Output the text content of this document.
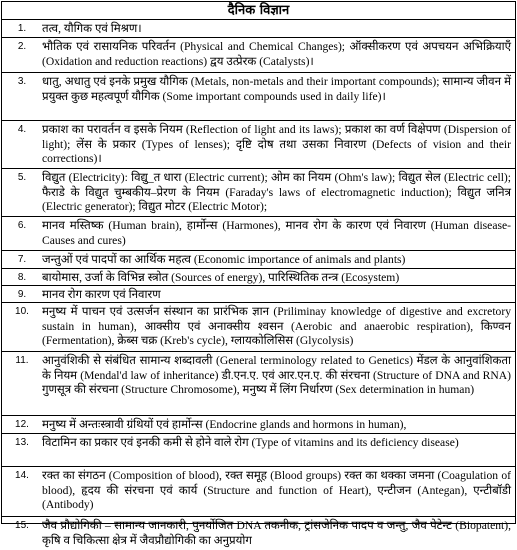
दैनिक विज्ञान
1.	तत्व, यौगिक एवं मिश्रण।
2.	भौतिक एवं रासायनिक परिवर्तन (Physical and Chemical Changes); ऑक्सीकरण एवं अपचयन अभिक्रियाएँ (Oxidation and reduction reactions) द्वय उत्प्रेरक (Catalysts)।
3.	धातु, अधातु एवं इनके प्रमुख यौगिक (Metals, non-metals and their important compounds); सामान्य जीवन में प्रयुक्त कुछ महत्वपूर्ण यौगिक (Some important compounds used in daily life)।
4.	प्रकाश का परावर्तन व इसके नियम (Reflection of light and its laws); प्रकाश का वर्ण विक्षेपण (Dispersion of light); लेंस के प्रकार (Types of lenses); दृष्टि दोष तथा उसका निवारण (Defects of vision and their corrections)।
5.	विद्युत (Electricity): विद्यु_त धारा (Electric current); ओम का नियम (Ohm's law); विद्युत सेल (Electric cell); फैराडे के विद्युत चुम्बकीय–प्रेरण के नियम (Faraday's laws of electromagnetic induction); विद्युत जनित्र (Electric generator); विद्युत मोटर (Electric Motor);
6.	मानव मस्तिष्क (Human brain), हार्मोन्स (Harmones), मानव रोग के कारण एवं निवारण (Human disease- Causes and cures)
7.	जन्तुओं एवं पादपों का आर्थिक महत्व (Economic importance of animals and plants)
8.	बायोमास, उर्जा के विभिन्न स्त्रोत (Sources of energy), पारिस्थितिक तन्त्र (Ecosystem)
9.	मानव रोग कारण एवं निवारण
10.	मनुष्य में पाचन एवं उत्सर्जन संस्थान का प्रारंभिक ज्ञान (Priliminay knowledge of digestive and excretory sustain in human), आक्सीय एवं अनाक्सीय श्वसन (Aerobic and anaerobic respiration), किण्वन (Fermentation), क्रेब्स चक्र (Kreb's cycle), ग्लायकोलिसिस (Glycolysis)
11.	आनुवंशिकी से संबंधित सामान्य शब्दावली (General terminology related to Genetics) मेंडल के आनुवांशिकता के नियम (Mendal'd law of inheritance) डी.एन.ए. एवं आर.एन.ए. की संरचना (Structure of DNA and RNA) गुणसूत्र की संरचना (Structure Chromosome), मनुष्य में लिंग निर्धारण (Sex determination in human)
12.	मनुष्य में अन्तःस्त्रावी ग्रंथियों एवं हार्मोन्स (Endocrine glands and hormons in human),
13.	विटामिन का प्रकार एवं इनकी कमी से होने वाले रोग (Type of vitamins and its deficiency disease)
14.	रक्त का संगठन (Composition of blood), रक्त समूह (Blood groups) रक्त का थक्का जमना (Coagulation of blood), हृदय की संरचना एवं कार्य (Structure and function of Heart), एन्टीजन (Antegan), एन्टीबॉडी (Antibody)
15.	जैव प्रौद्योगिकी – सामान्य जानकारी, पुनर्योजित DNA तकनीक, ट्रांसजेनिक पादप व जन्तु, जैव पेटेन्ट (Biopatent), कृषि व चिकित्सा क्षेत्र में जैवप्रौद्योगिकी का अनुप्रयोग
